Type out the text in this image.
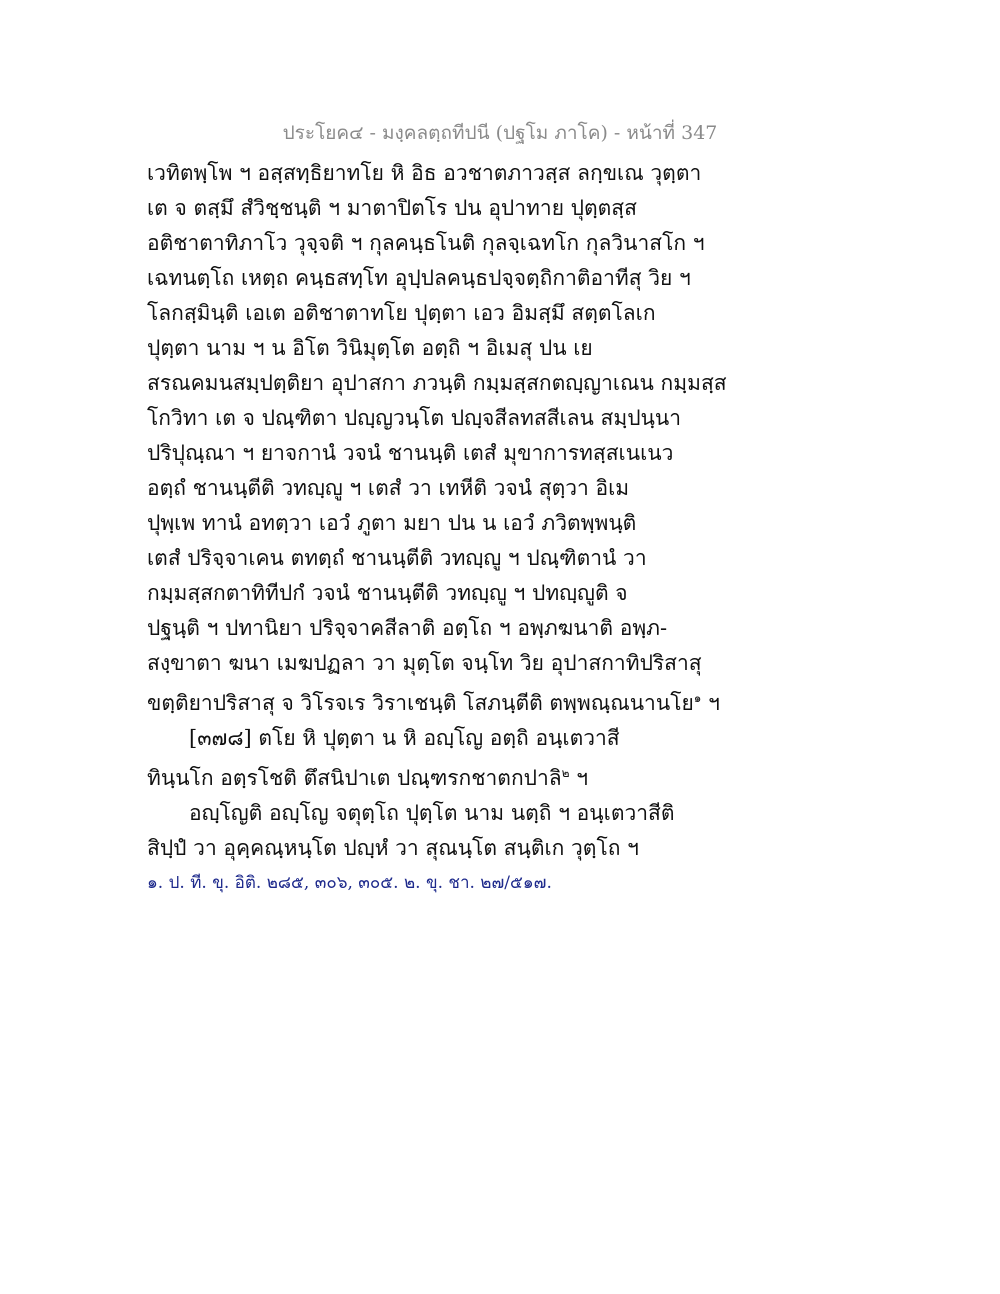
ประโยค๔ - มงฺคลตฺถทีปนี (ปฐโม ภาโค) - หน้าที่ 347
เวทิตพฺโพ ฯ อสฺสทฺธิยาทโย หิ อิธ อวชาตภาวสฺส ลกฺขเณ วุตฺตา
เต จ ตสฺมึ สํวิชฺชนฺติ ฯ มาตาปิตโร ปน อุปาทาย ปุตฺตสฺส
อติชาตาทิภาโว วุจฺจติ ฯ กุลคนฺธโนติ กุลจฺเฉทโก กุลวินาสโก ฯ
เฉทนตฺโถ เหตฺถ คนฺธสทฺโท อุปฺปลคนฺธปจฺจตฺถิกาติอาทีสุ วิย ฯ
โลกสฺมินฺติ เอเต อติชาตาทโย ปุตฺตา เอว อิมสฺมึ สตฺตโลเก
ปุตฺตา นาม ฯ น อิโต วินิมุตฺโต อตฺถิ ฯ อิเมสุ ปน เย
สรณคมนสมฺปตฺติยา อุปาสกา ภวนฺติ กมฺมสฺสกตญฺญาเณน กมฺมสฺส
โกวิทา เต จ ปณฺฑิตา ปญฺญวนฺโต ปญฺจสีลทสสีเลน สมฺปนฺนา
ปริปุณฺณา ฯ ยาจกานํ วจนํ ชานนฺติ เตสํ มุขาการทสฺสเนเนว
อตฺถํ ชานนฺตีติ วทญฺญู ฯ เตสํ วา เทหีติ วจนํ สุตฺวา อิเม
ปุพฺเพ ทานํ อทตฺวา เอวํ ภูตา มยา ปน น เอวํ ภวิตพฺพนฺติ
เตสํ ปริจฺจาเคน ตทตฺถํ ชานนฺตีติ วทญฺญู ฯ ปณฺฑิตานํ วา
กมฺมสฺสกตาทิทีปกํ วจนํ ชานนฺตีติ วทญฺญู ฯ ปทญฺญูติ จ
ปฐนฺติ ฯ ปทานิยา ปริจฺจาคสีลาติ อตฺโถ ฯ อพฺภฆนาติ อพฺภ-
สงฺขาตา ฆนา เมฆปฏลา วา มุตฺโต จนฺโท วิย อุปาสกาทิปริสาสุ
ขตฺติยาปริสาสุ จ วิโรจเร วิราเชนฺติ โสภนฺตีติ ตพฺพณฺณนานโย$^๑$ ฯ
[๓๗๘] ตโย หิ ปุตฺตา น หิ อญฺโญ อตฺถิ อนฺเตวาสี
ทินฺนโก อตฺรโชติ ตึสนิปาเต ปณฺฑรกชาตกปาลิ$^๒$ ฯ
อญฺโญติ อญฺโญ จตุตฺโถ ปุตฺโต นาม นตฺถิ ฯ อนฺเตวาสีติ
สิปฺปํ วา อุคฺคณฺหนฺโต ปญฺหํ วา สุณนฺโต สนฺติเก วุตฺโถ ฯ
๑. ป. ที. ขุ. อิติ. ๒๘๕, ๓๐๖, ๓๐๕. ๒. ขุ. ชา. ๒๗/๕๑๗.
